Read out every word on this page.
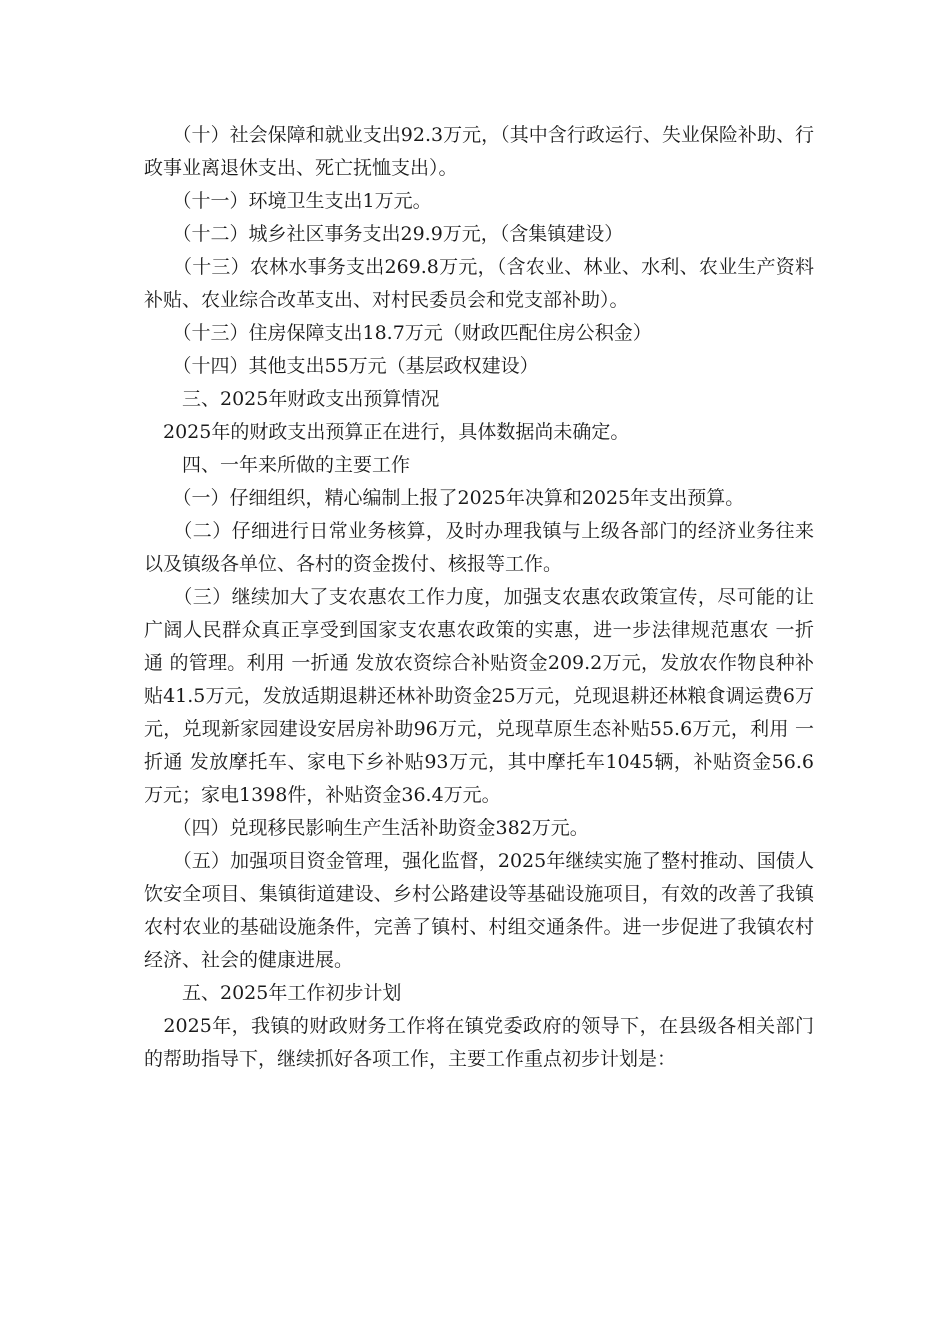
　　（十）社会保障和就业支出92.3万元，（其中含行政运行、失业保险补助、行政事业离退休支出、死亡抚恤支出）。

　　（十一）环境卫生支出1万元。

　　（十二）城乡社区事务支出29.9万元，（含集镇建设）

　　（十三）农林水事务支出269.8万元，（含农业、林业、水利、农业生产资料补贴、农业综合改革支出、对村民委员会和党支部补助）。

　　（十三）住房保障支出18.7万元（财政匹配住房公积金）

　　（十四）其他支出55万元（基层政权建设）

　　三、2025年财政支出预算情况

　2025年的财政支出预算正在进行，具体数据尚未确定。

　　四、一年来所做的主要工作

　　（一）仔细组织，精心编制上报了2025年决算和2025年支出预算。

　　（二）仔细进行日常业务核算，及时办理我镇与上级各部门的经济业务往来以及镇级各单位、各村的资金拨付、核报等工作。

　　（三）继续加大了支农惠农工作力度，加强支农惠农政策宣传，尽可能的让广阔人民群众真正享受到国家支农惠农政策的实惠，进一步法律规范惠农 一折通 的管理。利用 一折通 发放农资综合补贴资金209.2万元，发放农作物良种补贴41.5万元，发放适期退耕还林补助资金25万元，兑现退耕还林粮食调运费6万元，兑现新家园建设安居房补助96万元，兑现草原生态补贴55.6万元，利用 一折通 发放摩托车、家电下乡补贴93万元，其中摩托车1045辆，补贴资金56.6万元；家电1398件，补贴资金36.4万元。

　　（四）兑现移民影响生产生活补助资金382万元。

　　（五）加强项目资金管理，强化监督，2025年继续实施了整村推动、国债人饮安全项目、集镇街道建设、乡村公路建设等基础设施项目，有效的改善了我镇农村农业的基础设施条件，完善了镇村、村组交通条件。进一步促进了我镇农村经济、社会的健康进展。

　　五、2025年工作初步计划

　2025年，我镇的财政财务工作将在镇党委政府的领导下，在县级各相关部门的帮助指导下，继续抓好各项工作，主要工作重点初步计划是：
